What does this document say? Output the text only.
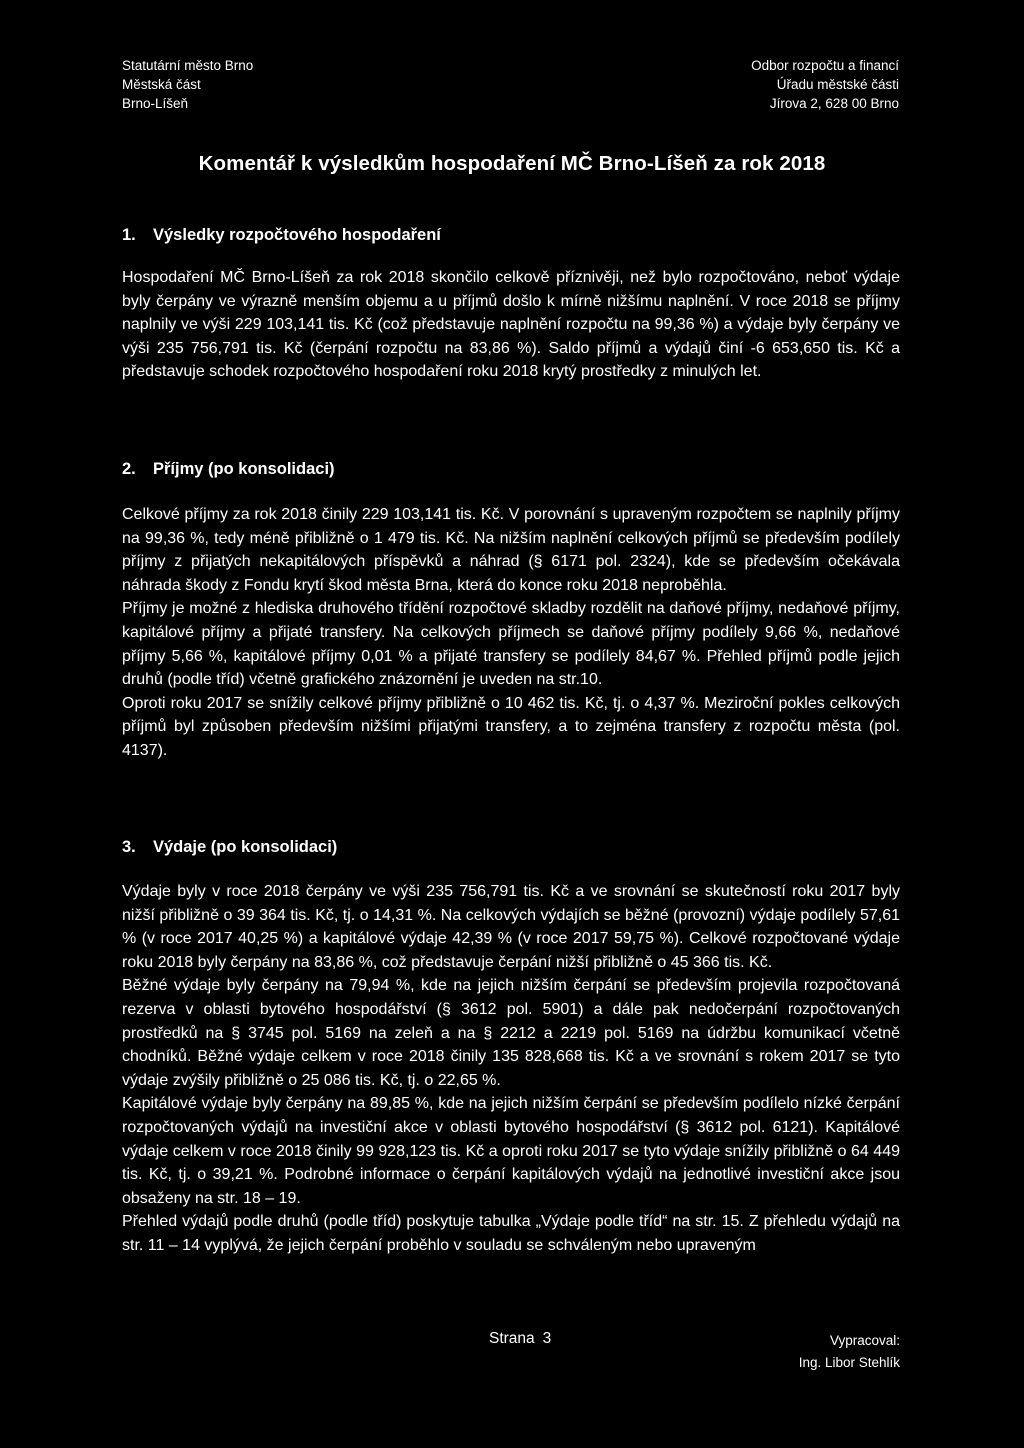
Statutární město Brno
Městská část
Brno-Líšeň
Odbor rozpočtu a financí
Úřadu městské části
Jírova 2, 628 00 Brno
Komentář k výsledkům hospodaření MČ Brno-Líšeň za rok 2018
1. Výsledky rozpočtového hospodaření

Hospodaření MČ Brno-Líšeň za rok 2018 skončilo celkově příznivěji, než bylo rozpočtováno, neboť výdaje byly čerpány ve výrazně menším objemu a u příjmů došlo k mírně nižšímu naplnění. V roce 2018 se příjmy naplnily ve výši 229 103,141 tis. Kč (což představuje naplnění rozpočtu na 99,36 %) a výdaje byly čerpány ve výši 235 756,791 tis. Kč (čerpání rozpočtu na 83,86 %). Saldo příjmů a výdajů činí -6 653,650 tis. Kč a představuje schodek rozpočtového hospodaření roku 2018 krytý prostředky z minulých let.

2. Příjmy (po konsolidaci)

Celkové příjmy za rok 2018 činily 229 103,141 tis. Kč. V porovnání s upraveným rozpočtem se naplnily příjmy na 99,36 %, tedy méně přibližně o 1 479 tis. Kč. Na nižším naplnění celkových příjmů se především podílely příjmy z přijatých nekapitálových příspěvků a náhrad (§ 6171 pol. 2324), kde se především očekávala náhrada škody z Fondu krytí škod města Brna, která do konce roku 2018 neproběhla.

Příjmy je možné z hlediska druhového třídění rozpočtové skladby rozdělit na daňové příjmy, nedaňové příjmy, kapitálové příjmy a přijaté transfery. Na celkových příjmech se daňové příjmy podílely 9,66 %, nedaňové příjmy 5,66 %, kapitálové příjmy 0,01 % a přijaté transfery se podílely 84,67 %. Přehled příjmů podle jejich druhů (podle tříd) včetně grafického znázornění je uveden na str.10.

Oproti roku 2017 se snížily celkové příjmy přibližně o 10 462 tis. Kč, tj. o 4,37 %. Meziroční pokles celkových příjmů byl způsoben především nižšími přijatými transfery, a to zejména transfery z rozpočtu města (pol. 4137).

3. Výdaje (po konsolidaci)

Výdaje byly v roce 2018 čerpány ve výši 235 756,791 tis. Kč a ve srovnání se skutečností roku 2017 byly nižší přibližně o 39 364 tis. Kč, tj. o 14,31 %. Na celkových výdajích se běžné (provozní) výdaje podílely 57,61 % (v roce 2017 40,25 %) a kapitálové výdaje 42,39 % (v roce 2017 59,75 %). Celkové rozpočtované výdaje roku 2018 byly čerpány na 83,86 %, což představuje čerpání nižší přibližně o 45 366 tis. Kč.

Běžné výdaje byly čerpány na 79,94 %, kde na jejich nižším čerpání se především projevila rozpočtovaná rezerva v oblasti bytového hospodářství (§ 3612 pol. 5901) a dále pak nedočerpání rozpočtovaných prostředků na § 3745 pol. 5169 na zeleň a na § 2212 a 2219 pol. 5169 na údržbu komunikací včetně chodníků. Běžné výdaje celkem v roce 2018 činily 135 828,668 tis. Kč a ve srovnání s rokem 2017 se tyto výdaje zvýšily přibližně o 25 086 tis. Kč, tj. o 22,65 %.

Kapitálové výdaje byly čerpány na 89,85 %, kde na jejich nižším čerpání se především podílelo nízké čerpání rozpočtovaných výdajů na investiční akce v oblasti bytového hospodářství (§ 3612 pol. 6121). Kapitálové výdaje celkem v roce 2018 činily 99 928,123 tis. Kč a oproti roku 2017 se tyto výdaje snížily přibližně o 64 449 tis. Kč, tj. o 39,21 %. Podrobné informace o čerpání kapitálových výdajů na jednotlivé investiční akce jsou obsaženy na str. 18 – 19.

Přehled výdajů podle druhů (podle tříd) poskytuje tabulka „Výdaje podle tříd“ na str. 15. Z přehledu výdajů na str. 11 – 14 vyplývá, že jejich čerpání proběhlo v souladu se schváleným nebo upraveným

Strana 3	Vypracoval:
Ing. Libor Stehlík
